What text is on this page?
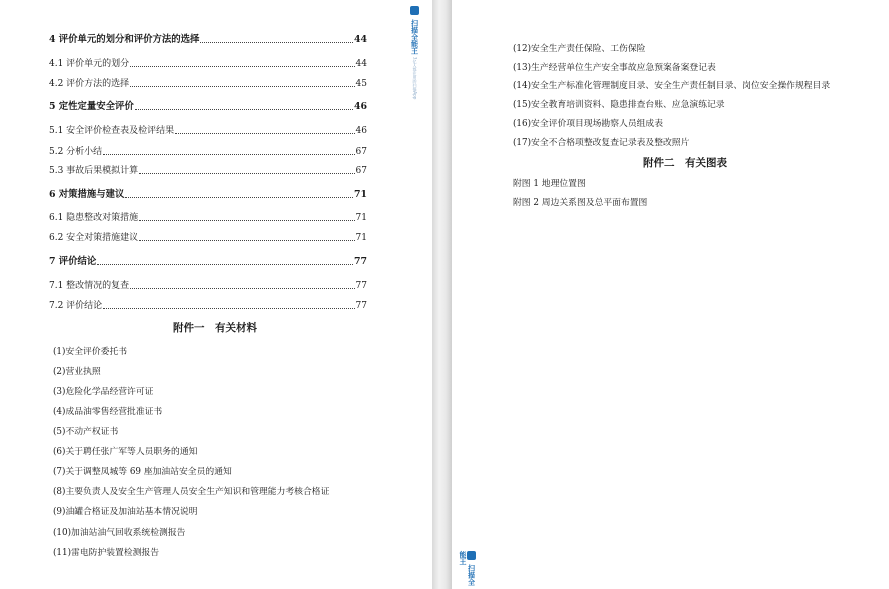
4 评价单元的划分和评价方法的选择	44
4.1 评价单元的划分	44
4.2 评价方法的选择	45
5 定性定量安全评价	46
5.1 安全评价检查表及检评结果	46
5.2 分析小结	67
5.3 事故后果模拟计算	67
6 对策措施与建议	71
6.1 隐患整改对策措施	71
6.2 安全对策措施建议	71
7 评价结论	77
7.1 整改情况的复查	77
7.2 评价结论	77
附件一　有关材料
(1)安全评价委托书
(2)营业执照
(3)危险化学品经营许可证
(4)成品油零售经营批准证书
(5)不动产权证书
(6)关于聘任张广军等人员职务的通知
(7)关于调整凤城等 69 座加油站安全员的通知
(8)主要负责人及安全生产管理人员安全生产知识和管理能力考核合格证
(9)油罐合格证及加油站基本情况说明
(10)加油站油气回收系统检测报告
(11)雷电防护装置检测报告
扫描全能王 3亿人都在用的扫描App
(12)安全生产责任保险、工伤保险
(13)生产经营单位生产安全事故应急预案备案登记表
(14)安全生产标准化管理制度目录、安全生产责任制目录、岗位安全操作规程目录
(15)安全教育培训资料、隐患排查台账、应急演练记录
(16)安全评价项目现场勘察人员组成表
(17)安全不合格项整改复查记录表及整改照片
附件二　有关图表
附图 1 地理位置图
附图 2 周边关系图及总平面布置图
扫描全能王
